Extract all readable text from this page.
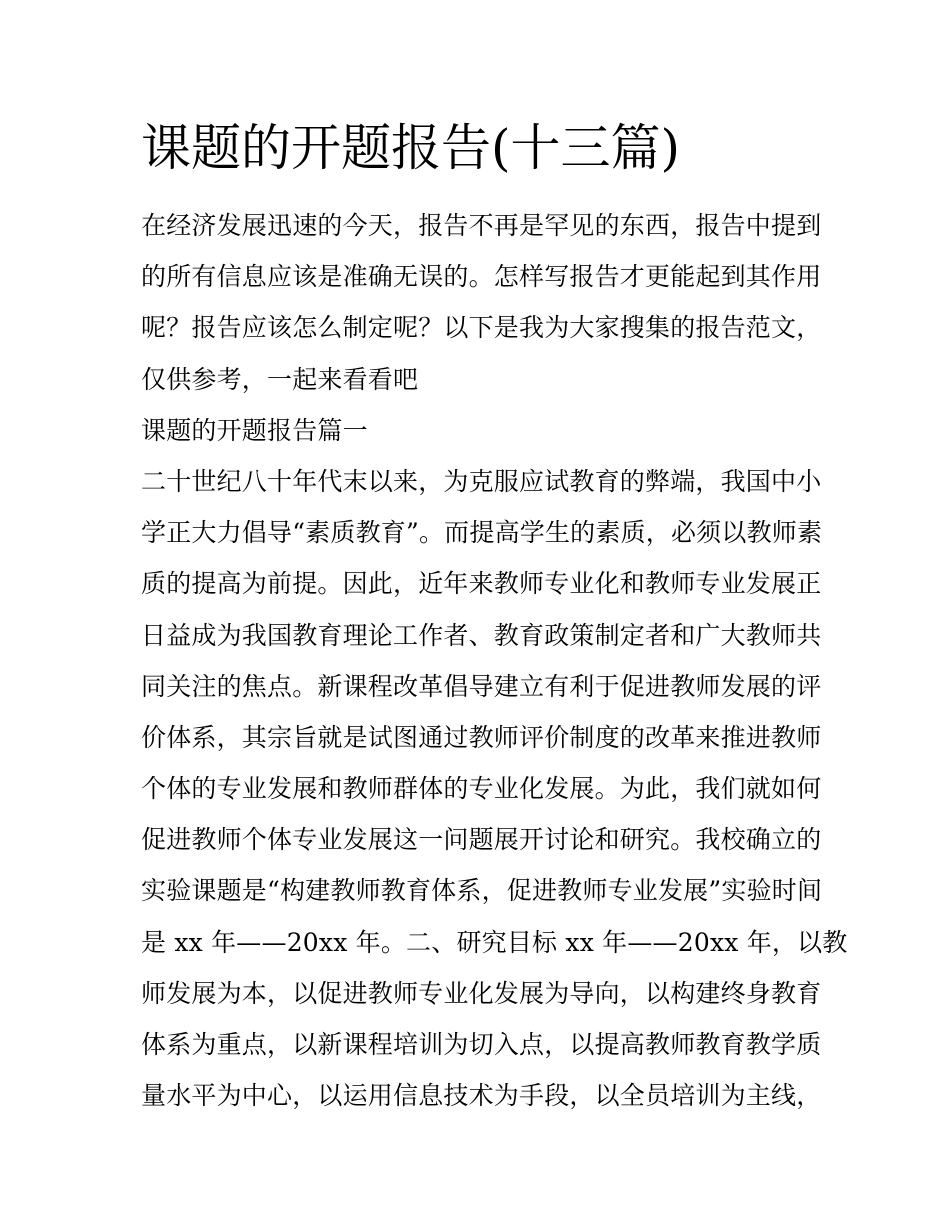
课题的开题报告(十三篇)
在经济发展迅速的今天，报告不再是罕见的东西，报告中提到
的所有信息应该是准确无误的。怎样写报告才更能起到其作用
呢？报告应该怎么制定呢？以下是我为大家搜集的报告范文，
仅供参考，一起来看看吧
课题的开题报告篇一
二十世纪八十年代末以来，为克服应试教育的弊端，我国中小
学正大力倡导“素质教育”。而提高学生的素质，必须以教师素
质的提高为前提。因此，近年来教师专业化和教师专业发展正
日益成为我国教育理论工作者、教育政策制定者和广大教师共
同关注的焦点。新课程改革倡导建立有利于促进教师发展的评
价体系，其宗旨就是试图通过教师评价制度的改革来推进教师
个体的专业发展和教师群体的专业化发展。为此，我们就如何
促进教师个体专业发展这一问题展开讨论和研究。我校确立的
实验课题是“构建教师教育体系，促进教师专业发展”实验时间
是 xx 年——20xx 年。二、研究目标 xx 年——20xx 年，以教
师发展为本，以促进教师专业化发展为导向，以构建终身教育
体系为重点，以新课程培训为切入点，以提高教师教育教学质
量水平为中心，以运用信息技术为手段，以全员培训为主线，
